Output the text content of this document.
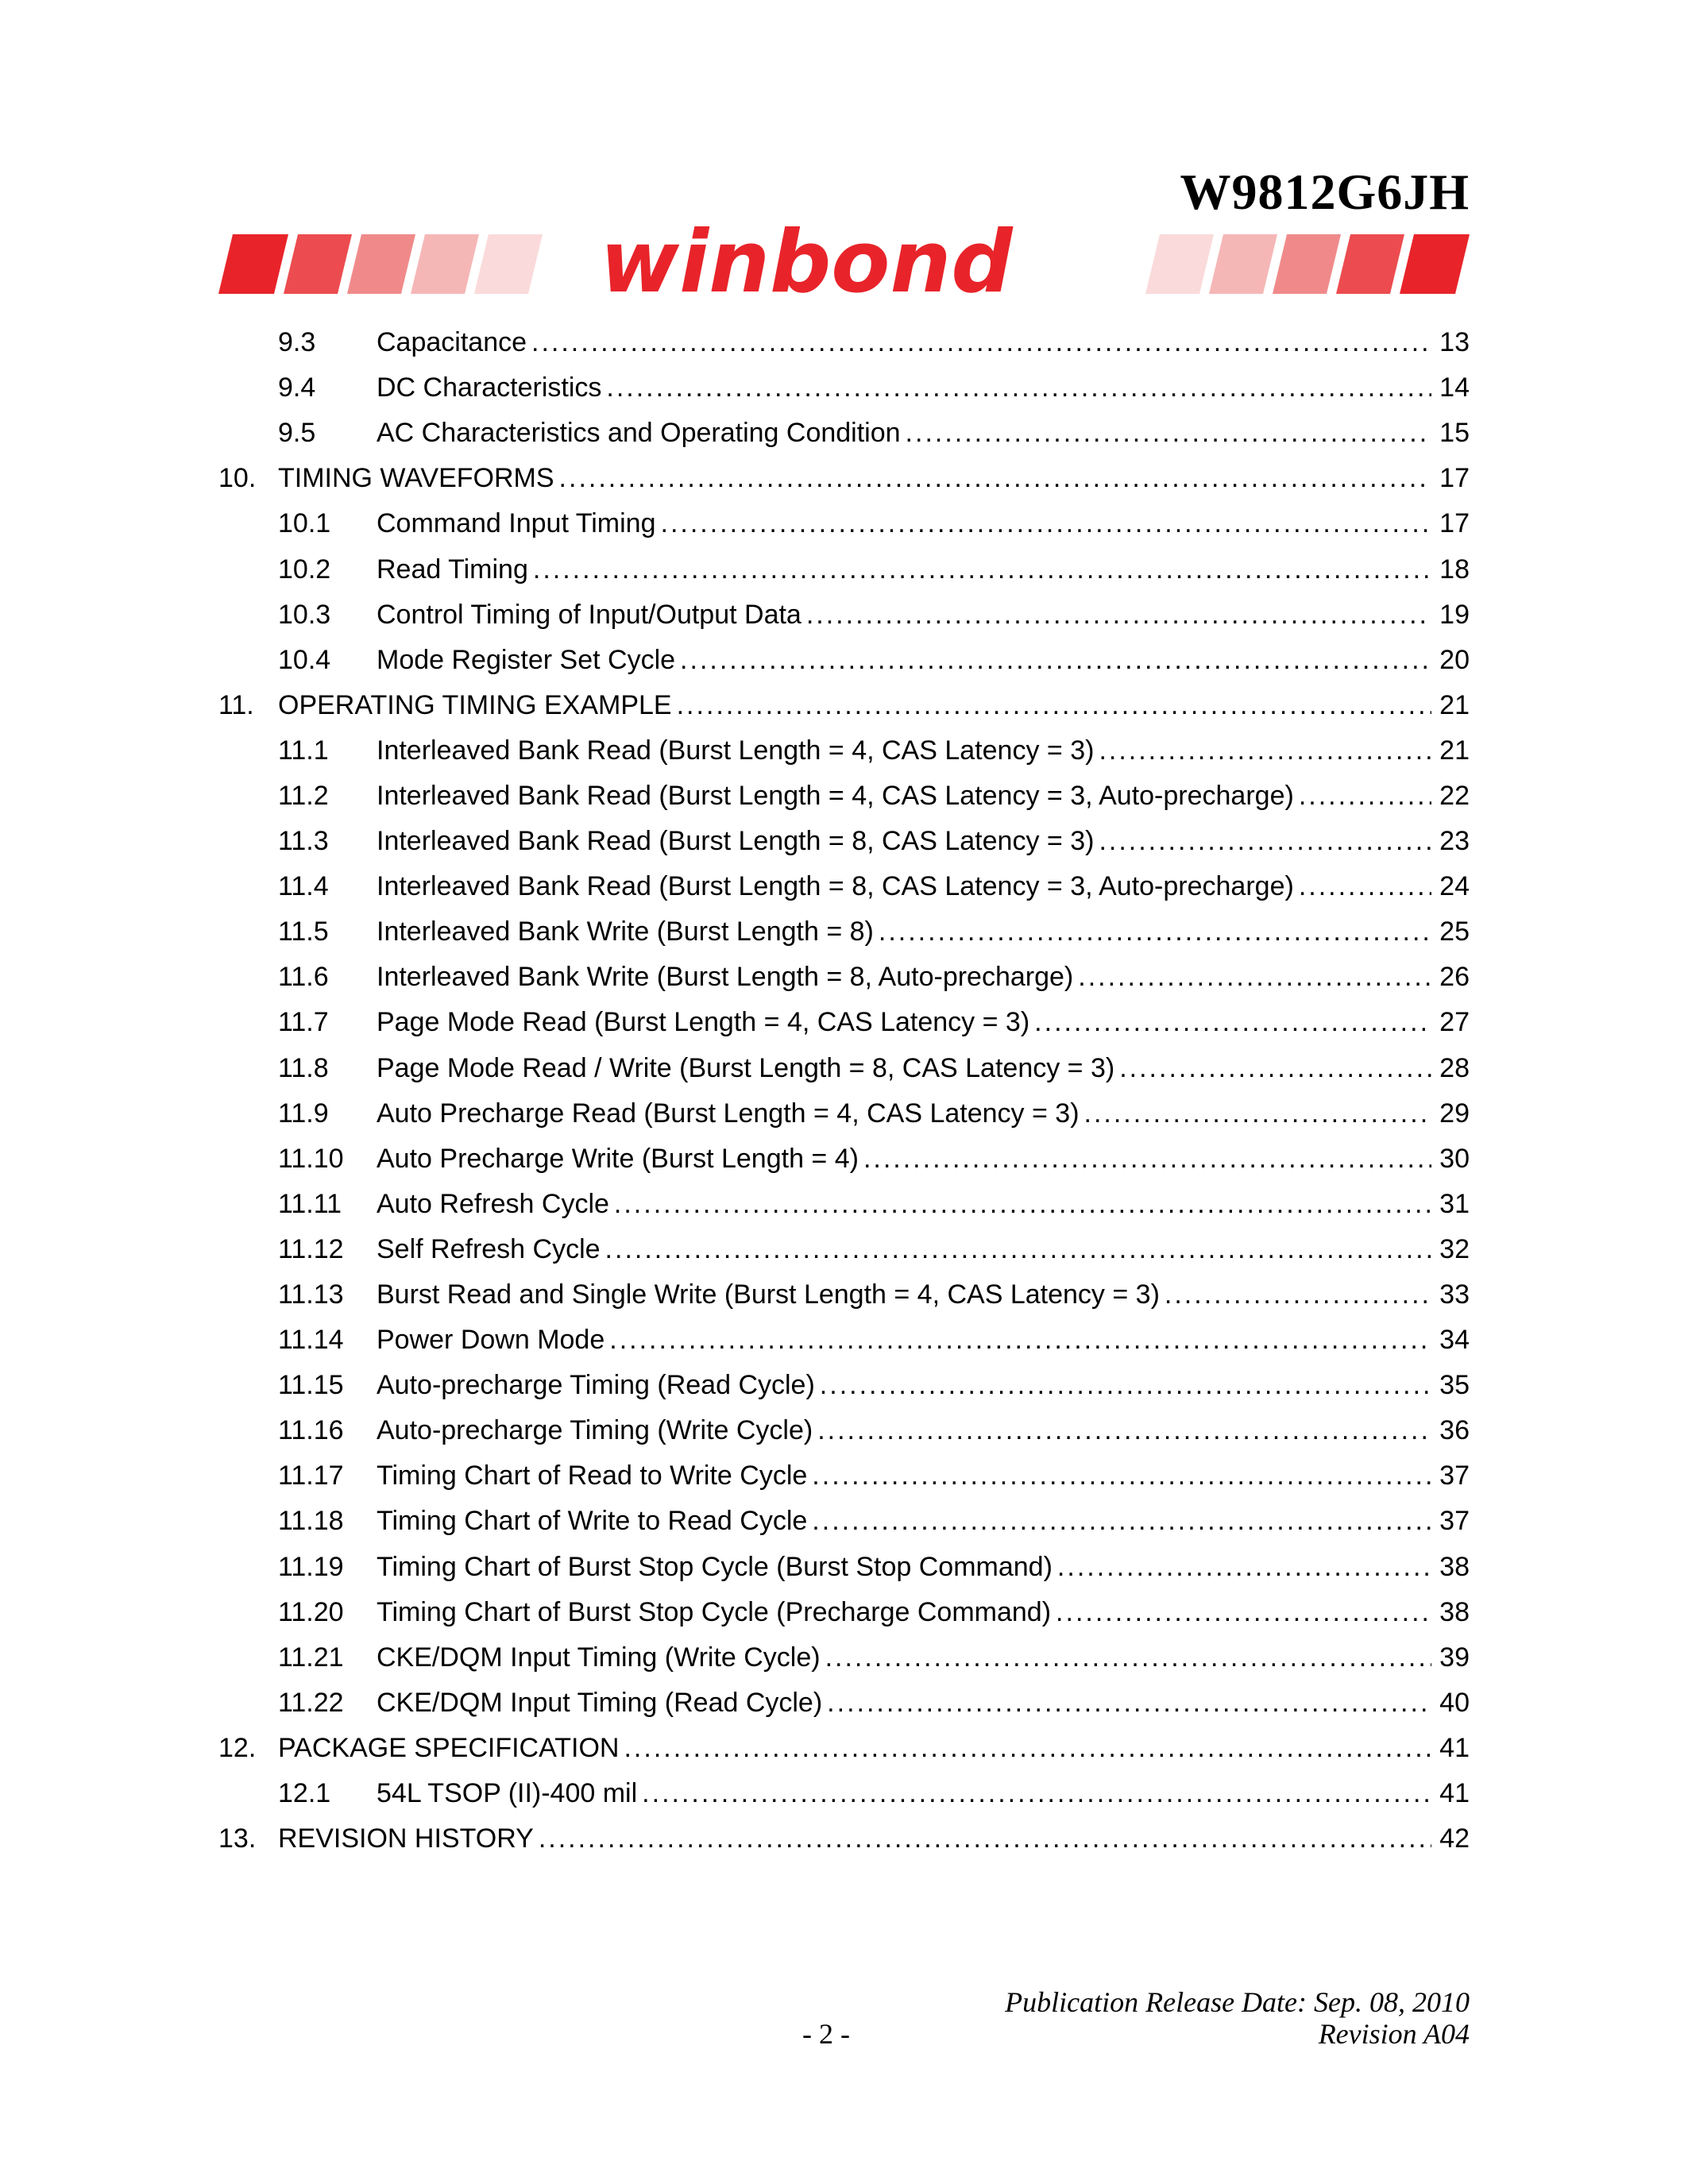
W9812G6JH
winbond
9.3	Capacitance .....	13
9.4	DC Characteristics .....	14
9.5	AC Characteristics and Operating Condition .....	15
10. TIMING WAVEFORMS .....	17
10.1	Command Input Timing .....	17
10.2	Read Timing .....	18
10.3	Control Timing of Input/Output Data .....	19
10.4	Mode Register Set Cycle .....	20
11. OPERATING TIMING EXAMPLE .....	21
11.1	Interleaved Bank Read (Burst Length = 4, CAS Latency = 3) .....	21
11.2	Interleaved Bank Read (Burst Length = 4, CAS Latency = 3, Auto-precharge) .....	22
11.3	Interleaved Bank Read (Burst Length = 8, CAS Latency = 3) .....	23
11.4	Interleaved Bank Read (Burst Length = 8, CAS Latency = 3, Auto-precharge) .....	24
11.5	Interleaved Bank Write (Burst Length = 8) .....	25
11.6	Interleaved Bank Write (Burst Length = 8, Auto-precharge) .....	26
11.7	Page Mode Read (Burst Length = 4, CAS Latency = 3) .....	27
11.8	Page Mode Read / Write (Burst Length = 8, CAS Latency = 3) .....	28
11.9	Auto Precharge Read (Burst Length = 4, CAS Latency = 3) .....	29
11.10	Auto Precharge Write (Burst Length = 4) .....	30
11.11	Auto Refresh Cycle .....	31
11.12	Self Refresh Cycle .....	32
11.13	Burst Read and Single Write (Burst Length = 4, CAS Latency = 3) .....	33
11.14	Power Down Mode .....	34
11.15	Auto-precharge Timing (Read Cycle) .....	35
11.16	Auto-precharge Timing (Write Cycle) .....	36
11.17	Timing Chart of Read to Write Cycle .....	37
11.18	Timing Chart of Write to Read Cycle .....	37
11.19	Timing Chart of Burst Stop Cycle (Burst Stop Command) .....	38
11.20	Timing Chart of Burst Stop Cycle (Precharge Command) .....	38
11.21	CKE/DQM Input Timing (Write Cycle) .....	39
11.22	CKE/DQM Input Timing (Read Cycle) .....	40
12. PACKAGE SPECIFICATION .....	41
12.1	54L TSOP (II)-400 mil .....	41
13. REVISION HISTORY .....	42
Publication Release Date: Sep. 08, 2010
- 2 -	Revision A04
